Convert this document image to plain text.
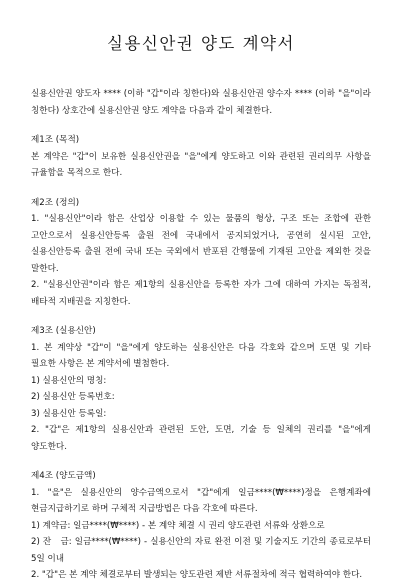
실용신안권 양도 계약서

실용신안권 양도자 **** (이하 "갑"이라 칭한다)와 실용신안권 양수자 **** (이하 "을"이라 칭한다) 상호간에 실용신안권 양도 계약을 다음과 같이 체결한다.

제1조 (목적)

본 계약은 "갑"이 보유한 실용신안권을 "을"에게 양도하고 이와 관련된 권리의무 사항을 규율함을 목적으로 한다.

제2조 (정의)

1. "실용신안"이라 함은 산업상 이용할 수 있는 물품의 형상, 구조 또는 조합에 관한 고안으로서 실용신안등록 출원 전에 국내에서 공지되었거나, 공연히 실시된 고안, 실용신안등록 출원 전에 국내 또는 국외에서 반포된 간행물에 기재된 고안을 제외한 것을 말한다.

2. "실용신안권"이라 함은 제1항의 실용신안을 등록한 자가 그에 대하여 가지는 독점적, 배타적 지배권을 지칭한다.

제3조 (실용신안)

1. 본 계약상 "갑"이 "을"에게 양도하는 실용신안은 다음 각호와 같으며 도면 및 기타 필요한 사항은 본 계약서에 별첨한다.

1) 실용신안의 명칭:

2) 실용신안 등록번호:

3) 실용신안 등록일:

2. "갑"은 제1항의 실용신안과 관련된 도안, 도면, 기술 등 일체의 권리를 "을"에게 양도한다.

제4조 (양도금액)

1. "을"은 실용신안의 양수금액으로서 "갑"에게 일금****(₩****)정을 은행계좌에 현금지급하기로 하며 구체적 지급방법은 다음 각호에 따른다.

1) 계약금: 일금****(₩****) - 본 계약 체결 시 권리 양도관련 서류와 상환으로

2) 잔　금: 일금****(₩****) - 실용신안의 자료 완전 이전 및 기술지도 기간의 종료로부터 5일 이내

2. "갑"은 본 계약 체결로부터 발생되는 양도관련 제반 서류절차에 적극 협력하여야 한다.
